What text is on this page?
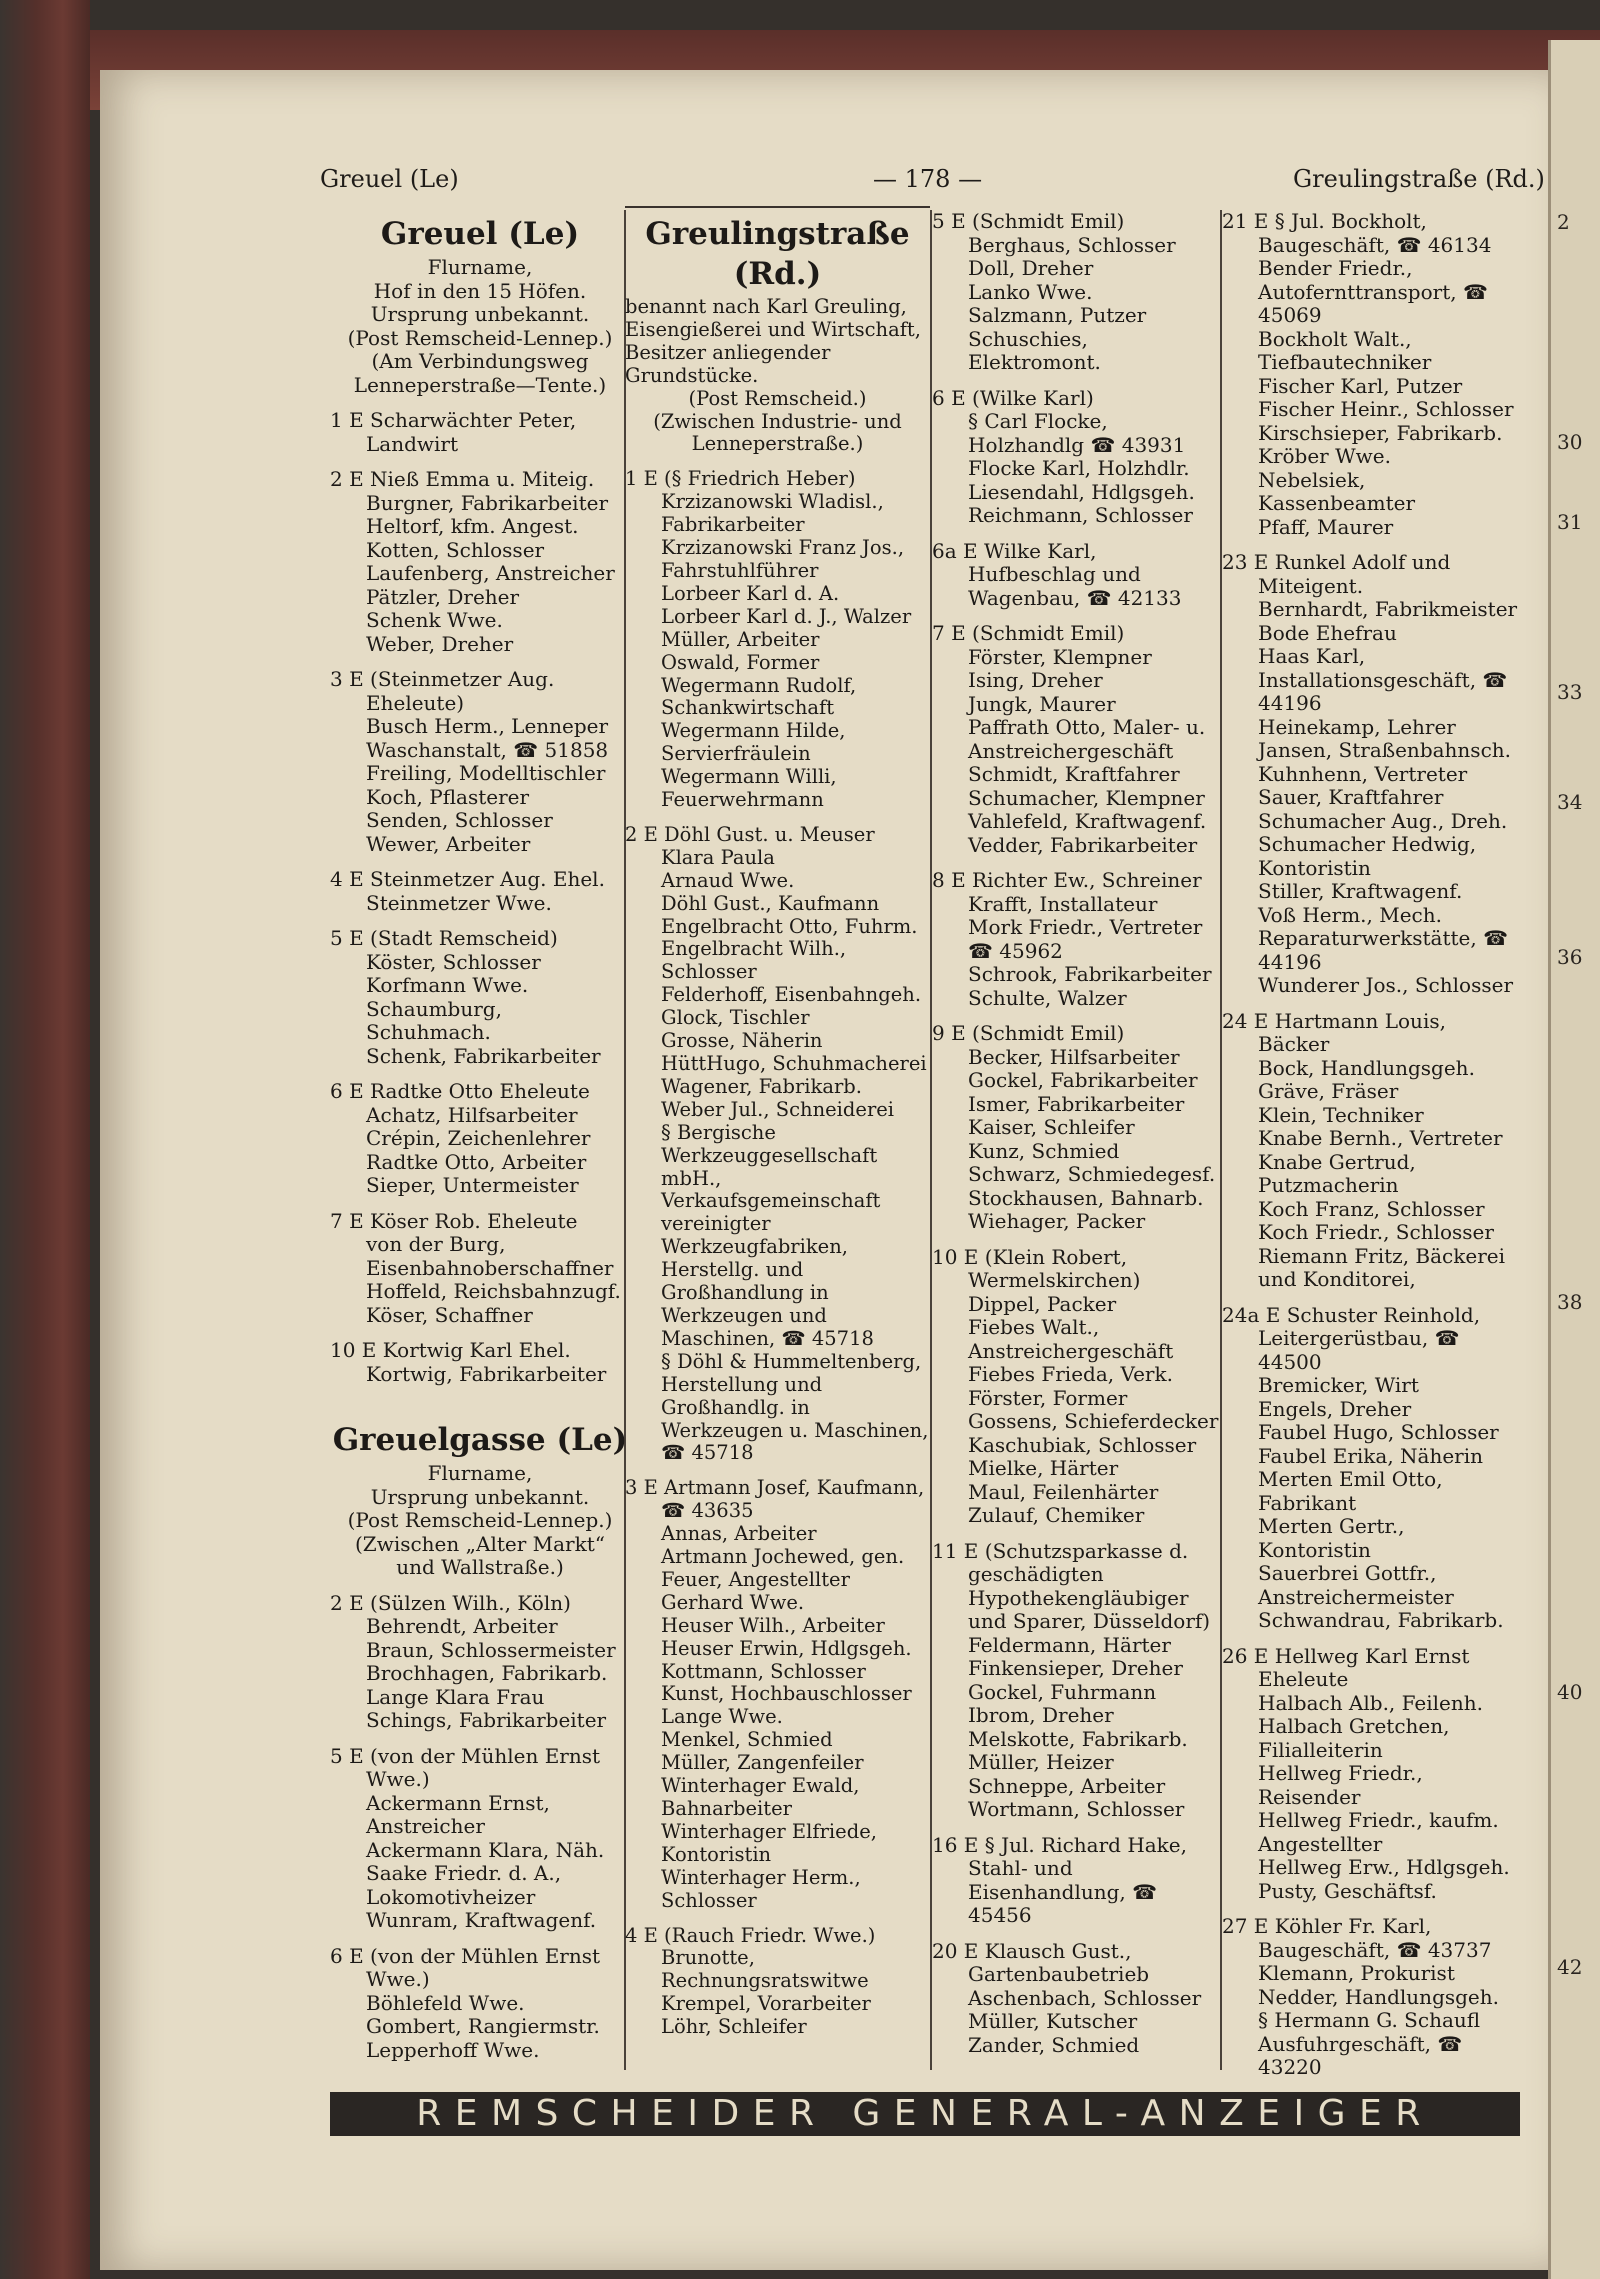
2
30
31
33
34
36
38
40
42
Greuel (Le)	— 178 —	Greulingstraße (Rd.)
Greuel (Le)
Flurname,
Hof in den 15 Höfen.
Ursprung unbekannt.
(Post Remscheid-Lennep.)
(Am Verbindungsweg
Lenneperstraße—Tente.)
1 E Scharwächter Peter, Landwirt
2 E Nieß Emma u. Miteig.
Burgner, Fabrikarbeiter
Heltorf, kfm. Angest.
Kotten, Schlosser
Laufenberg, Anstreicher
Pätzler, Dreher
Schenk Wwe.
Weber, Dreher
3 E (Steinmetzer Aug. Eheleute)
Busch Herm., Lenneper Waschanstalt, ☎ 51858
Freiling, Modelltischler
Koch, Pflasterer
Senden, Schlosser
Wewer, Arbeiter
4 E Steinmetzer Aug. Ehel.
Steinmetzer Wwe.
5 E (Stadt Remscheid)
Köster, Schlosser
Korfmann Wwe.
Schaumburg, Schuhmach.
Schenk, Fabrikarbeiter
6 E Radtke Otto Eheleute
Achatz, Hilfsarbeiter
Crépin, Zeichenlehrer
Radtke Otto, Arbeiter
Sieper, Untermeister
7 E Köser Rob. Eheleute
von der Burg, Eisenbahnoberschaffner
Hoffeld, Reichsbahnzugf.
Köser, Schaffner
10 E Kortwig Karl Ehel.
Kortwig, Fabrikarbeiter
Greuelgasse (Le)
Flurname,
Ursprung unbekannt.
(Post Remscheid-Lennep.)
(Zwischen „Alter Markt“
und Wallstraße.)
2 E (Sülzen Wilh., Köln)
Behrendt, Arbeiter
Braun, Schlossermeister
Brochhagen, Fabrikarb.
Lange Klara Frau
Schings, Fabrikarbeiter
5 E (von der Mühlen Ernst Wwe.)
Ackermann Ernst, Anstreicher
Ackermann Klara, Näh.
Saake Friedr. d. A., Lokomotivheizer
Wunram, Kraftwagenf.
6 E (von der Mühlen Ernst Wwe.)
Böhlefeld Wwe.
Gombert, Rangiermstr.
Lepperhoff Wwe.
Greulingstraße (Rd.)
benannt nach Karl Greuling, Eisengießerei und Wirtschaft, Besitzer anliegender Grundstücke.
(Post Remscheid.)
(Zwischen Industrie- und Lenneperstraße.)
1 E (§ Friedrich Heber)
Krzizanowski Wladisl., Fabrikarbeiter
Krzizanowski Franz Jos., Fahrstuhlführer
Lorbeer Karl d. A.
Lorbeer Karl d. J., Walzer
Müller, Arbeiter
Oswald, Former
Wegermann Rudolf, Schankwirtschaft
Wegermann Hilde, Servierfräulein
Wegermann Willi, Feuerwehrmann
2 E Döhl Gust. u. Meuser Klara Paula
Arnaud Wwe.
Döhl Gust., Kaufmann
Engelbracht Otto, Fuhrm.
Engelbracht Wilh., Schlosser
Felderhoff, Eisenbahngeh.
Glock, Tischler
Grosse, Näherin
HüttHugo, Schuhmacherei
Wagener, Fabrikarb.
Weber Jul., Schneiderei
§ Bergische Werkzeuggesellschaft mbH., Verkaufsgemeinschaft vereinigter Werkzeugfabriken, Herstellg. und Großhandlung in Werkzeugen und Maschinen, ☎ 45718
§ Döhl & Hummeltenberg, Herstellung und Großhandlg. in Werkzeugen u. Maschinen, ☎ 45718
3 E Artmann Josef, Kaufmann, ☎ 43635
Annas, Arbeiter
Artmann Jochewed, gen. Feuer, Angestellter
Gerhard Wwe.
Heuser Wilh., Arbeiter
Heuser Erwin, Hdlgsgeh.
Kottmann, Schlosser
Kunst, Hochbauschlosser
Lange Wwe.
Menkel, Schmied
Müller, Zangenfeiler
Winterhager Ewald, Bahnarbeiter
Winterhager Elfriede, Kontoristin
Winterhager Herm., Schlosser
4 E (Rauch Friedr. Wwe.)
Brunotte, Rechnungsratswitwe
Krempel, Vorarbeiter
Löhr, Schleifer
5 E (Schmidt Emil)
Berghaus, Schlosser
Doll, Dreher
Lanko Wwe.
Salzmann, Putzer
Schuschies, Elektromont.
6 E (Wilke Karl)
§ Carl Flocke, Holzhandlg ☎ 43931
Flocke Karl, Holzhdlr.
Liesendahl, Hdlgsgeh.
Reichmann, Schlosser
6a E Wilke Karl, Hufbeschlag und Wagenbau, ☎ 42133
7 E (Schmidt Emil)
Förster, Klempner
Ising, Dreher
Jungk, Maurer
Paffrath Otto, Maler- u. Anstreichergeschäft
Schmidt, Kraftfahrer
Schumacher, Klempner
Vahlefeld, Kraftwagenf.
Vedder, Fabrikarbeiter
8 E Richter Ew., Schreiner
Krafft, Installateur
Mork Friedr., Vertreter ☎ 45962
Schrook, Fabrikarbeiter
Schulte, Walzer
9 E (Schmidt Emil)
Becker, Hilfsarbeiter
Gockel, Fabrikarbeiter
Ismer, Fabrikarbeiter
Kaiser, Schleifer
Kunz, Schmied
Schwarz, Schmiedegesf.
Stockhausen, Bahnarb.
Wiehager, Packer
10 E (Klein Robert, Wermelskirchen)
Dippel, Packer
Fiebes Walt., Anstreichergeschäft
Fiebes Frieda, Verk.
Förster, Former
Gossens, Schieferdecker
Kaschubiak, Schlosser
Mielke, Härter
Maul, Feilenhärter
Zulauf, Chemiker
11 E (Schutzsparkasse d. geschädigten Hypothekengläubiger und Sparer, Düsseldorf)
Feldermann, Härter
Finkensieper, Dreher
Gockel, Fuhrmann
Ibrom, Dreher
Melskotte, Fabrikarb.
Müller, Heizer
Schneppe, Arbeiter
Wortmann, Schlosser
16 E § Jul. Richard Hake, Stahl- und Eisenhandlung, ☎ 45456
20 E Klausch Gust., Gartenbaubetrieb
Aschenbach, Schlosser
Müller, Kutscher
Zander, Schmied
21 E § Jul. Bockholt, Baugeschäft, ☎ 46134
Bender Friedr., Autofernttransport, ☎ 45069
Bockholt Walt., Tiefbautechniker
Fischer Karl, Putzer
Fischer Heinr., Schlosser
Kirschsieper, Fabrikarb.
Kröber Wwe.
Nebelsiek, Kassenbeamter
Pfaff, Maurer
23 E Runkel Adolf und Miteigent.
Bernhardt, Fabrikmeister
Bode Ehefrau
Haas Karl, Installationsgeschäft, ☎ 44196
Heinekamp, Lehrer
Jansen, Straßenbahnsch.
Kuhnhenn, Vertreter
Sauer, Kraftfahrer
Schumacher Aug., Dreh.
Schumacher Hedwig, Kontoristin
Stiller, Kraftwagenf.
Voß Herm., Mech. Reparaturwerkstätte, ☎ 44196
Wunderer Jos., Schlosser
24 E Hartmann Louis, Bäcker
Bock, Handlungsgeh.
Gräve, Fräser
Klein, Techniker
Knabe Bernh., Vertreter
Knabe Gertrud, Putzmacherin
Koch Franz, Schlosser
Koch Friedr., Schlosser
Riemann Fritz, Bäckerei und Konditorei,
24a E Schuster Reinhold, Leitergerüstbau, ☎ 44500
Bremicker, Wirt
Engels, Dreher
Faubel Hugo, Schlosser
Faubel Erika, Näherin
Merten Emil Otto, Fabrikant
Merten Gertr., Kontoristin
Sauerbrei Gottfr., Anstreichermeister
Schwandrau, Fabrikarb.
26 E Hellweg Karl Ernst Eheleute
Halbach Alb., Feilenh.
Halbach Gretchen, Filialleiterin
Hellweg Friedr., Reisender
Hellweg Friedr., kaufm. Angestellter
Hellweg Erw., Hdlgsgeh.
Pusty, Geschäftsf.
27 E Köhler Fr. Karl, Baugeschäft, ☎ 43737
Klemann, Prokurist
Nedder, Handlungsgeh.
§ Hermann G. Schaufl Ausfuhrgeschäft, ☎ 43220
REMSCHEIDER GENERAL-ANZEIGER
